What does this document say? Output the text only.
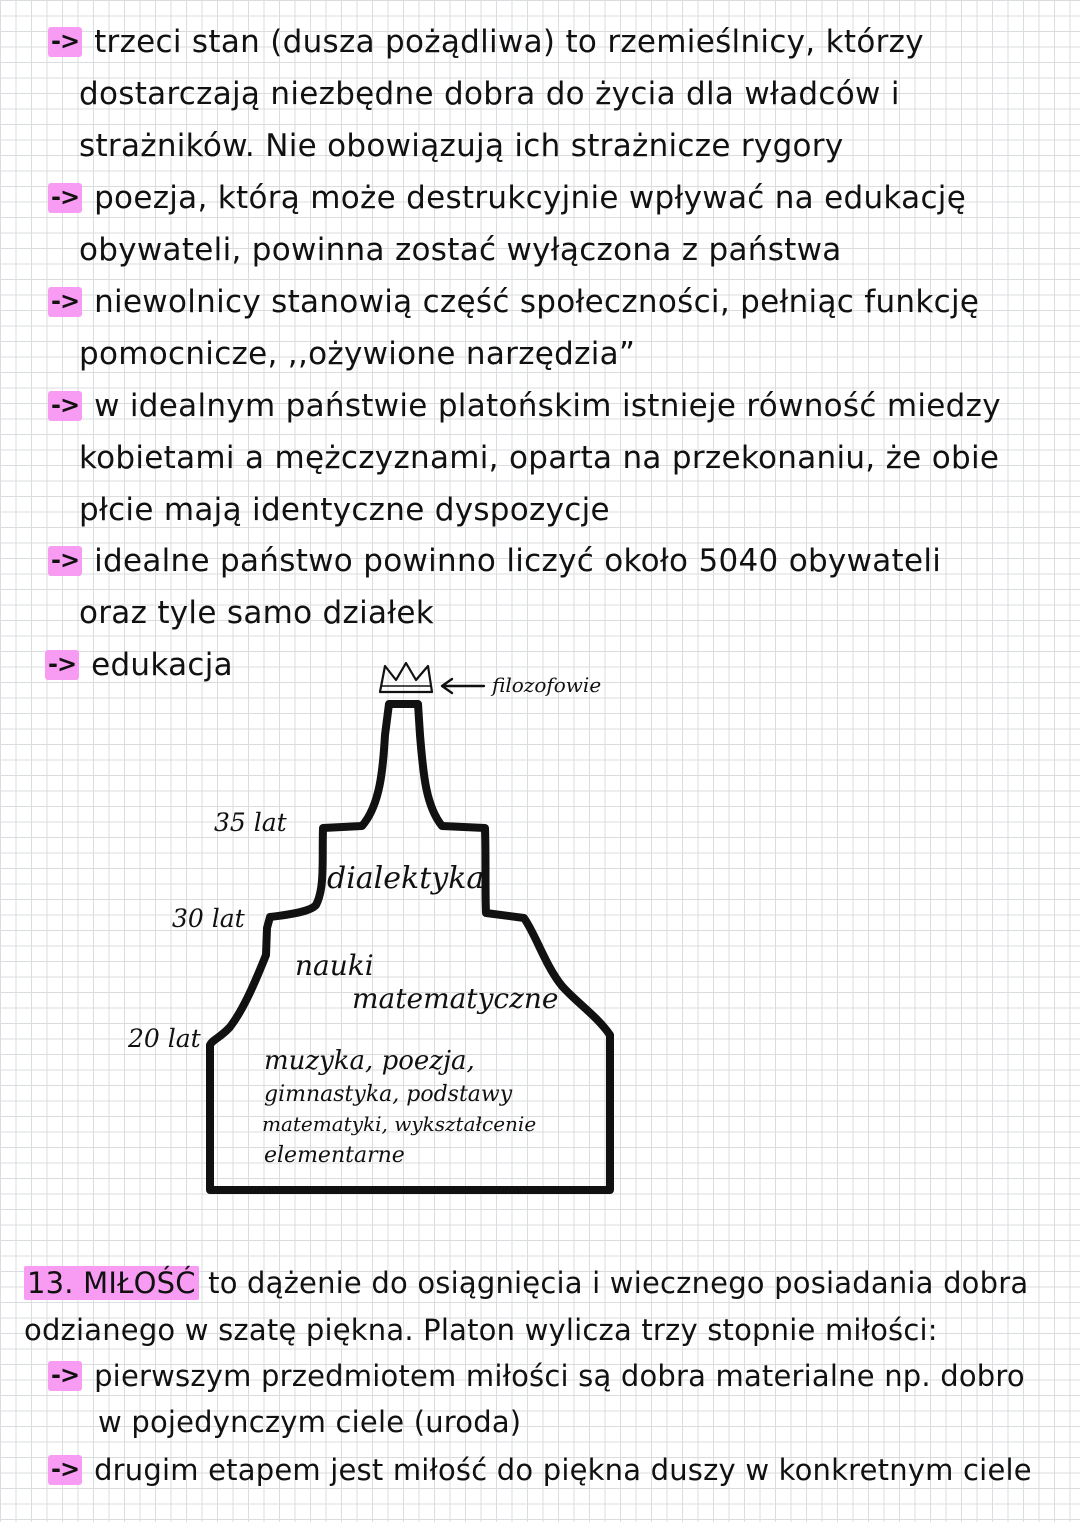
-> trzeci stan (dusza pożądliwa) to rzemieślnicy, którzy
dostarczają niezbędne dobra do życia dla władców i
strażników. Nie obowiązują ich strażnicze rygory
-> poezja, którą może destrukcyjnie wpływać na edukację
obywateli, powinna zostać wyłączona z państwa
-> niewolnicy stanowią część społeczności, pełniąc funkcję
pomocnicze, ,,ożywione narzędzia”
-> w idealnym państwie platońskim istnieje równość miedzy
kobietami a mężczyznami, oparta na przekonaniu, że obie
płcie mają identyczne dyspozycje
-> idealne państwo powinno liczyć około 5040 obywateli
oraz tyle samo działek
-> edukacja
filozofowie
35 lat
30 lat
20 lat
dialektyka
nauki
matematyczne
muzyka, poezja,
gimnastyka, podstawy
matematyki, wykształcenie
elementarne
13. MIŁOŚĆ to dążenie do osiągnięcia i wiecznego posiadania dobra
odzianego w szatę piękna. Platon wylicza trzy stopnie miłości:
-> pierwszym przedmiotem miłości są dobra materialne np. dobro
w pojedynczym ciele (uroda)
-> drugim etapem jest miłość do piękna duszy w konkretnym ciele
